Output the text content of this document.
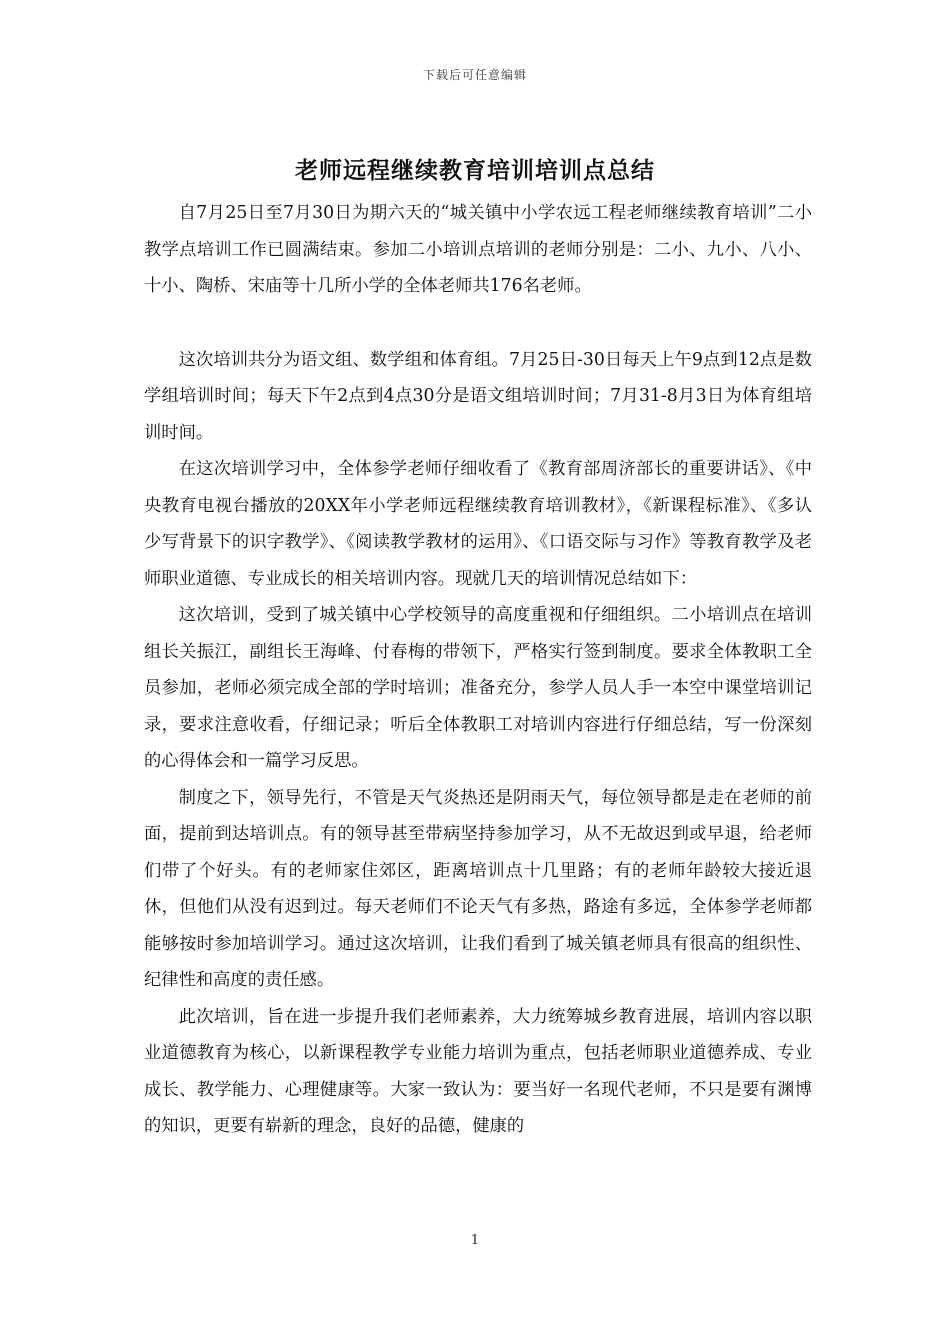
下载后可任意编辑
老师远程继续教育培训培训点总结

自7月25日至7月30日为期六天的“城关镇中小学农远工程老师继续教育培训”二小教学点培训工作已圆满结束。参加二小培训点培训的老师分别是：二小、九小、八小、十小、陶桥、宋庙等十几所小学的全体老师共176名老师。

这次培训共分为语文组、数学组和体育组。7月25日-30日每天上午9点到12点是数学组培训时间；每天下午2点到4点30分是语文组培训时间；7月31-8月3日为体育组培训时间。

在这次培训学习中，全体参学老师仔细收看了《教育部周济部长的重要讲话》、《中央教育电视台播放的20XX年小学老师远程继续教育培训教材》，《新课程标准》、《多认少写背景下的识字教学》、《阅读教学教材的运用》、《口语交际与习作》等教育教学及老师职业道德、专业成长的相关培训内容。现就几天的培训情况总结如下：

这次培训，受到了城关镇中心学校领导的高度重视和仔细组织。二小培训点在培训组长关振江，副组长王海峰、付春梅的带领下，严格实行签到制度。要求全体教职工全员参加，老师必须完成全部的学时培训；准备充分，参学人员人手一本空中课堂培训记录，要求注意收看，仔细记录；听后全体教职工对培训内容进行仔细总结，写一份深刻的心得体会和一篇学习反思。

制度之下，领导先行，不管是天气炎热还是阴雨天气，每位领导都是走在老师的前面，提前到达培训点。有的领导甚至带病坚持参加学习，从不无故迟到或早退，给老师们带了个好头。有的老师家住郊区，距离培训点十几里路；有的老师年龄较大接近退休，但他们从没有迟到过。每天老师们不论天气有多热，路途有多远，全体参学老师都能够按时参加培训学习。通过这次培训，让我们看到了城关镇老师具有很高的组织性、纪律性和高度的责任感。

此次培训，旨在进一步提升我们老师素养，大力统筹城乡教育进展，培训内容以职业道德教育为核心，以新课程教学专业能力培训为重点，包括老师职业道德养成、专业成长、教学能力、心理健康等。大家一致认为：要当好一名现代老师，不只是要有渊博的知识，更要有崭新的理念，良好的品德，健康的

1
